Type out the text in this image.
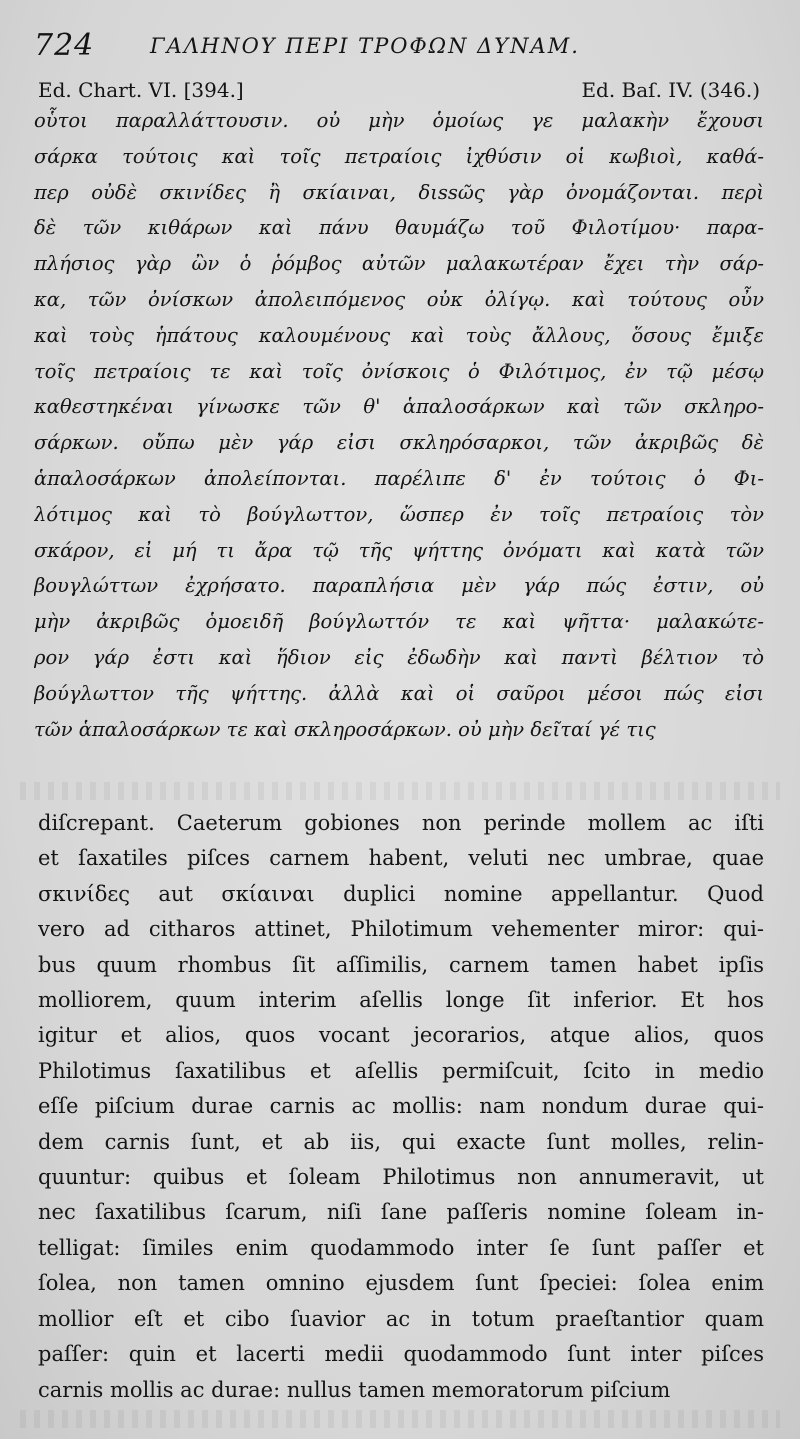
724	ΓΑΛΗΝΟΥ ΠΕΡΙ ΤΡΟΦΩΝ ΔΥΝΑΜ.
Ed. Chart. VI. [394.]	Ed. Baſ. IV. (346.)
οὗτοι παραλλάττουσιν. οὐ μὴν ὁμοίως γε μαλακὴν ἔχουσι
σάρκα τούτοις καὶ τοῖς πετραίοις ἰχθύσιν οἱ κωβιοὶ, καθά-
περ οὐδὲ σκινίδες ἢ σκίαιναι, διssῶς γὰρ ὀνομάζονται. περὶ
δὲ τῶν κιθάρων καὶ πάνυ θαυμάζω τοῦ Φιλοτίμου· παρα-
πλήσιος γὰρ ὢν ὁ ῥόμβος αὐτῶν μαλακωτέραν ἔχει τὴν σάρ-
κα, τῶν ὀνίσκων ἀπολειπόμενος οὐκ ὀλίγῳ. καὶ τούτους οὖν
καὶ τοὺς ἡπάτους καλουμένους καὶ τοὺς ἄλλους, ὅσους ἔμιξε
τοῖς πετραίοις τε καὶ τοῖς ὀνίσκοις ὁ Φιλότιμος, ἐν τῷ μέσῳ
καθεστηκέναι γίνωσκε τῶν θ' ἁπαλοσάρκων καὶ τῶν σκληρο-
σάρκων. οὔπω μὲν γάρ εἰσι σκληρόσαρκοι, τῶν ἀκριβῶς δὲ
ἁπαλοσάρκων ἀπολείπονται. παρέλιπε δ' ἐν τούτοις ὁ Φι-
λότιμος καὶ τὸ βούγλωττον, ὥσπερ ἐν τοῖς πετραίοις τὸν
σκάρον, εἰ μή τι ἄρα τῷ τῆς ψήττης ὀνόματι καὶ κατὰ τῶν
βουγλώττων ἐχρήσατο. παραπλήσια μὲν γάρ πώς ἐστιν, οὐ
μὴν ἀκριβῶς ὁμοειδῆ βούγλωττόν τε καὶ ψῆττα· μαλακώτε-
ρον γάρ ἐστι καὶ ἥδιον εἰς ἐδωδὴν καὶ παντὶ βέλτιον τὸ
βούγλωττον τῆς ψήττης. ἀλλὰ καὶ οἱ σαῦροι μέσοι πώς εἰσι
τῶν ἁπαλοσάρκων τε καὶ σκληροσάρκων. οὐ μὴν δεῖταί γέ τις
diſcrepant. Caeterum gobiones non perinde mollem ac iſti
et ſaxatiles piſces carnem habent, veluti nec umbrae, quae
σκινίδες aut σκίαιναι duplici nomine appellantur. Quod
vero ad citharos attinet, Philotimum vehementer miror: qui-
bus quum rhombus ſit aſſimilis, carnem tamen habet ipſis
molliorem, quum interim aſellis longe ſit inferior. Et hos
igitur et alios, quos vocant jecorarios, atque alios, quos
Philotimus ſaxatilibus et aſellis permiſcuit, ſcito in medio
eſſe piſcium durae carnis ac mollis: nam nondum durae qui-
dem carnis ſunt, et ab iis, qui exacte ſunt molles, relin-
quuntur: quibus et ſoleam Philotimus non annumeravit, ut
nec ſaxatilibus ſcarum, niſi ſane paſſeris nomine ſoleam in-
telligat: ſimiles enim quodammodo inter ſe ſunt paſſer et
ſolea, non tamen omnino ejusdem ſunt ſpeciei: ſolea enim
mollior eſt et cibo ſuavior ac in totum praeſtantior quam
paſſer: quin et lacerti medii quodammodo ſunt inter piſces
carnis mollis ac durae: nullus tamen memoratorum piſcium
